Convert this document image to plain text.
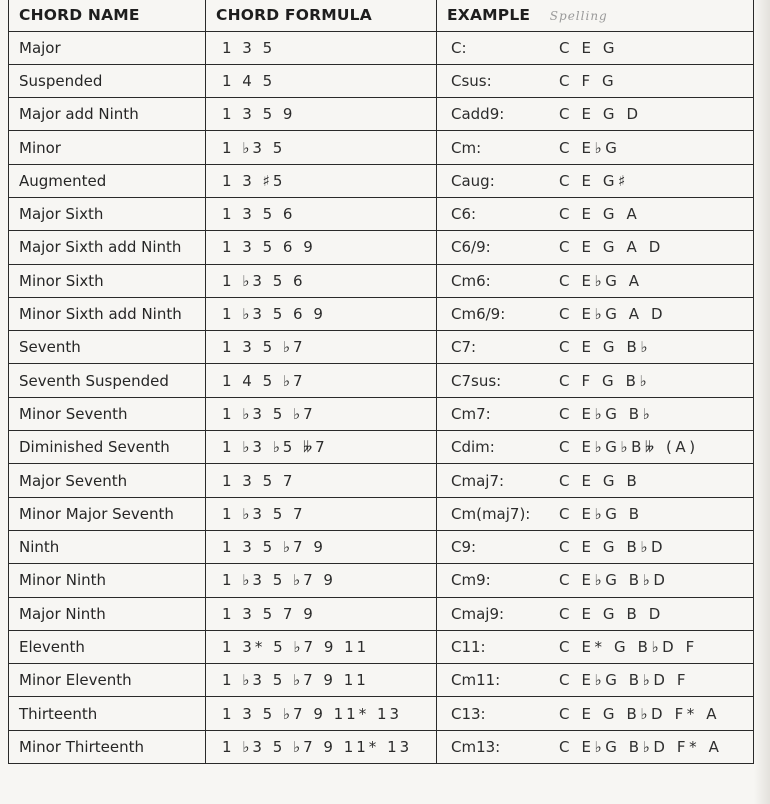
CHORD NAME	CHORD FORMULA	EXAMPLE Spelling
Major	1 3 5	C: C E G
Suspended	1 4 5	Csus: C F G
Major add Ninth	1 3 5 9	Cadd9: C E G D
Minor	1 ♭3 5	Cm: C E♭G
Augmented	1 3 ♯5	Caug: C E G♯
Major Sixth	1 3 5 6	C6: C E G A
Major Sixth add Ninth	1 3 5 6 9	C6/9: C E G A D
Minor Sixth	1 ♭3 5 6	Cm6: C E♭G A
Minor Sixth add Ninth	1 ♭3 5 6 9	Cm6/9: C E♭G A D
Seventh	1 3 5 ♭7	C7: C E G B♭
Seventh Suspended	1 4 5 ♭7	C7sus: C F G B♭
Minor Seventh	1 ♭3 5 ♭7	Cm7: C E♭G B♭
Diminished Seventh	1 ♭3 ♭5 𝄫7	Cdim: C E♭G♭B𝄫 (A)
Major Seventh	1 3 5 7	Cmaj7: C E G B
Minor Major Seventh	1 ♭3 5 7	Cm(maj7): C E♭G B
Ninth	1 3 5 ♭7 9	C9: C E G B♭D
Minor Ninth	1 ♭3 5 ♭7 9	Cm9: C E♭G B♭D
Major Ninth	1 3 5 7 9	Cmaj9: C E G B D
Eleventh	1 3* 5 ♭7 9 11	C11: C E* G B♭D F
Minor Eleventh	1 ♭3 5 ♭7 9 11	Cm11: C E♭G B♭D F
Thirteenth	1 3 5 ♭7 9 11* 13	C13: C E G B♭D F* A
Minor Thirteenth	1 ♭3 5 ♭7 9 11* 13	Cm13: C E♭G B♭D F* A
